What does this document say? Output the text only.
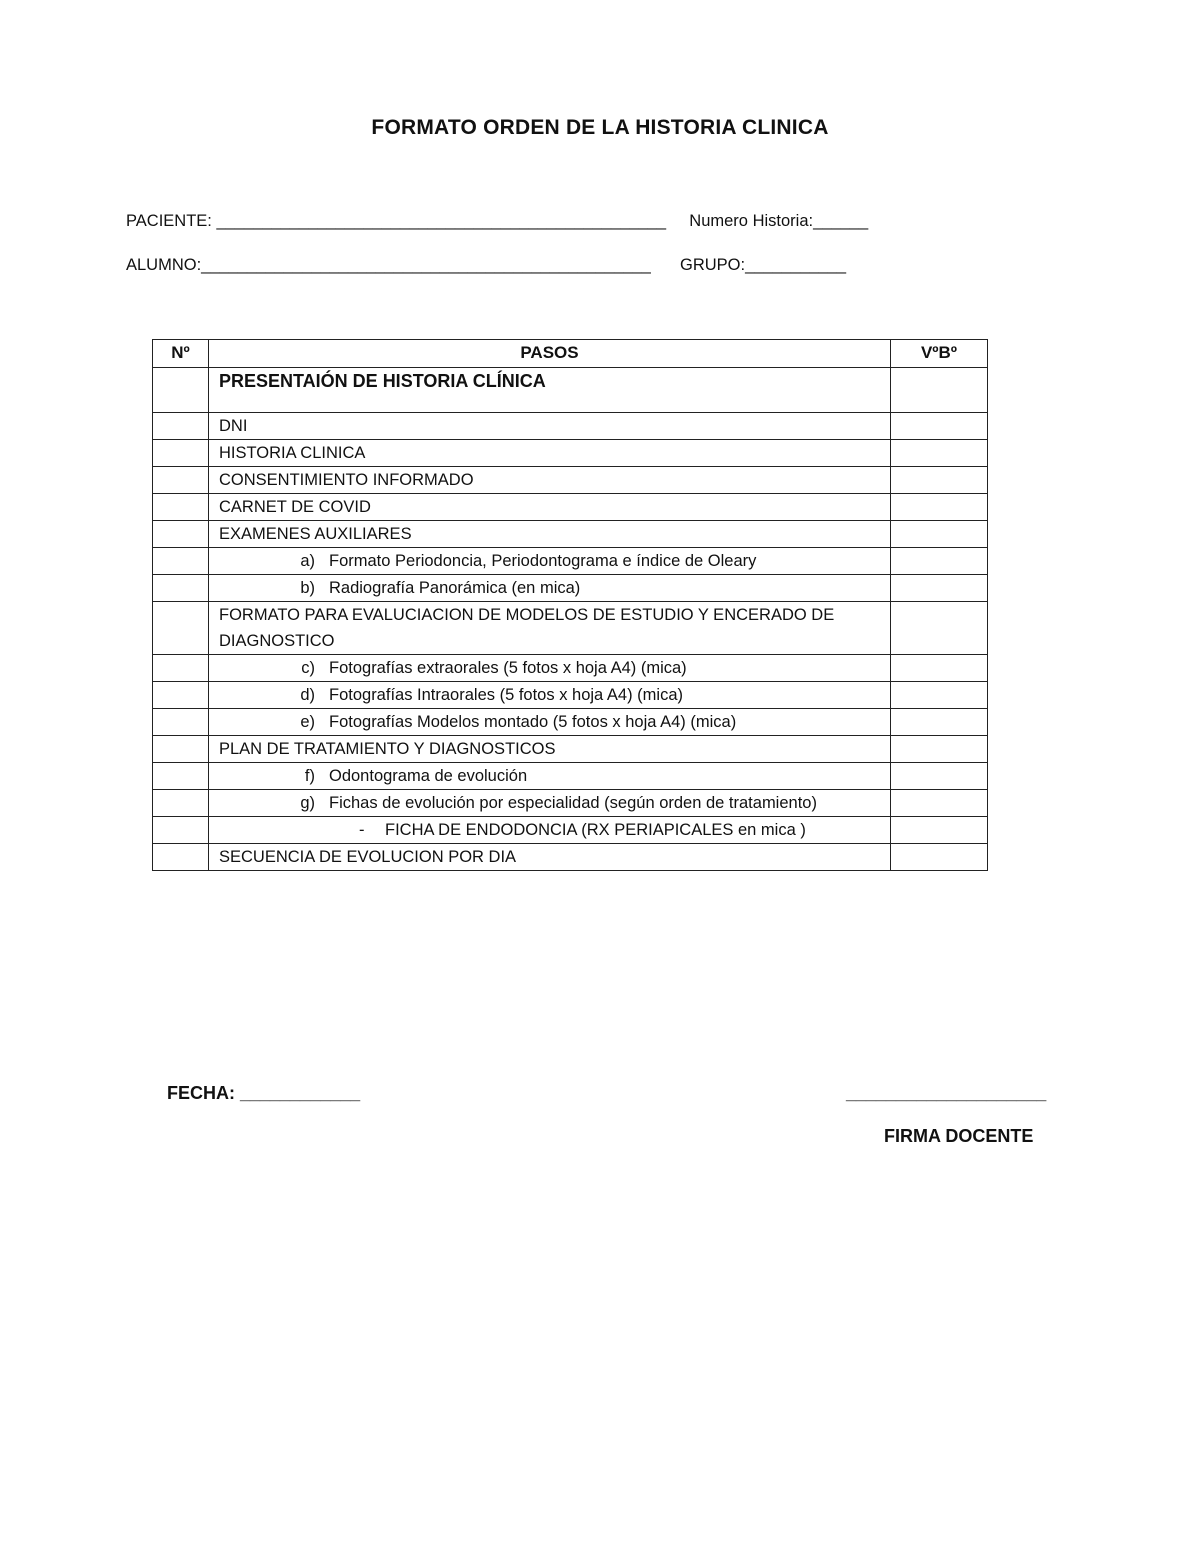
FORMATO ORDEN DE LA HISTORIA CLINICA
PACIENTE: _________________________________________________ Numero Historia:______
ALUMNO:_________________________________________________ GRUPO:___________
Nº	PASOS	VºBº
	PRESENTAIÓN DE HISTORIA CLÍNICA	
	DNI	
	HISTORIA CLINICA	
	CONSENTIMIENTO INFORMADO	
	CARNET DE COVID	
	EXAMENES AUXILIARES	
	a) Formato Periodoncia, Periodontograma e índice de Oleary	
	b) Radiografía Panorámica (en mica)	
	FORMATO PARA EVALUCIACION DE MODELOS DE ESTUDIO Y ENCERADO DE DIAGNOSTICO	
	c) Fotografías extraorales (5 fotos x hoja A4) (mica)	
	d) Fotografías Intraorales (5 fotos x hoja A4) (mica)	
	e) Fotografías Modelos montado (5 fotos x hoja A4) (mica)	
	PLAN DE TRATAMIENTO Y DIAGNOSTICOS	
	f) Odontograma de evolución	
	g) Fichas de evolución por especialidad (según orden de tratamiento)	
	- FICHA DE ENDODONCIA (RX PERIAPICALES en mica )	
	SECUENCIA DE EVOLUCION POR DIA	
FECHA: ____________	____________________
FIRMA DOCENTE
